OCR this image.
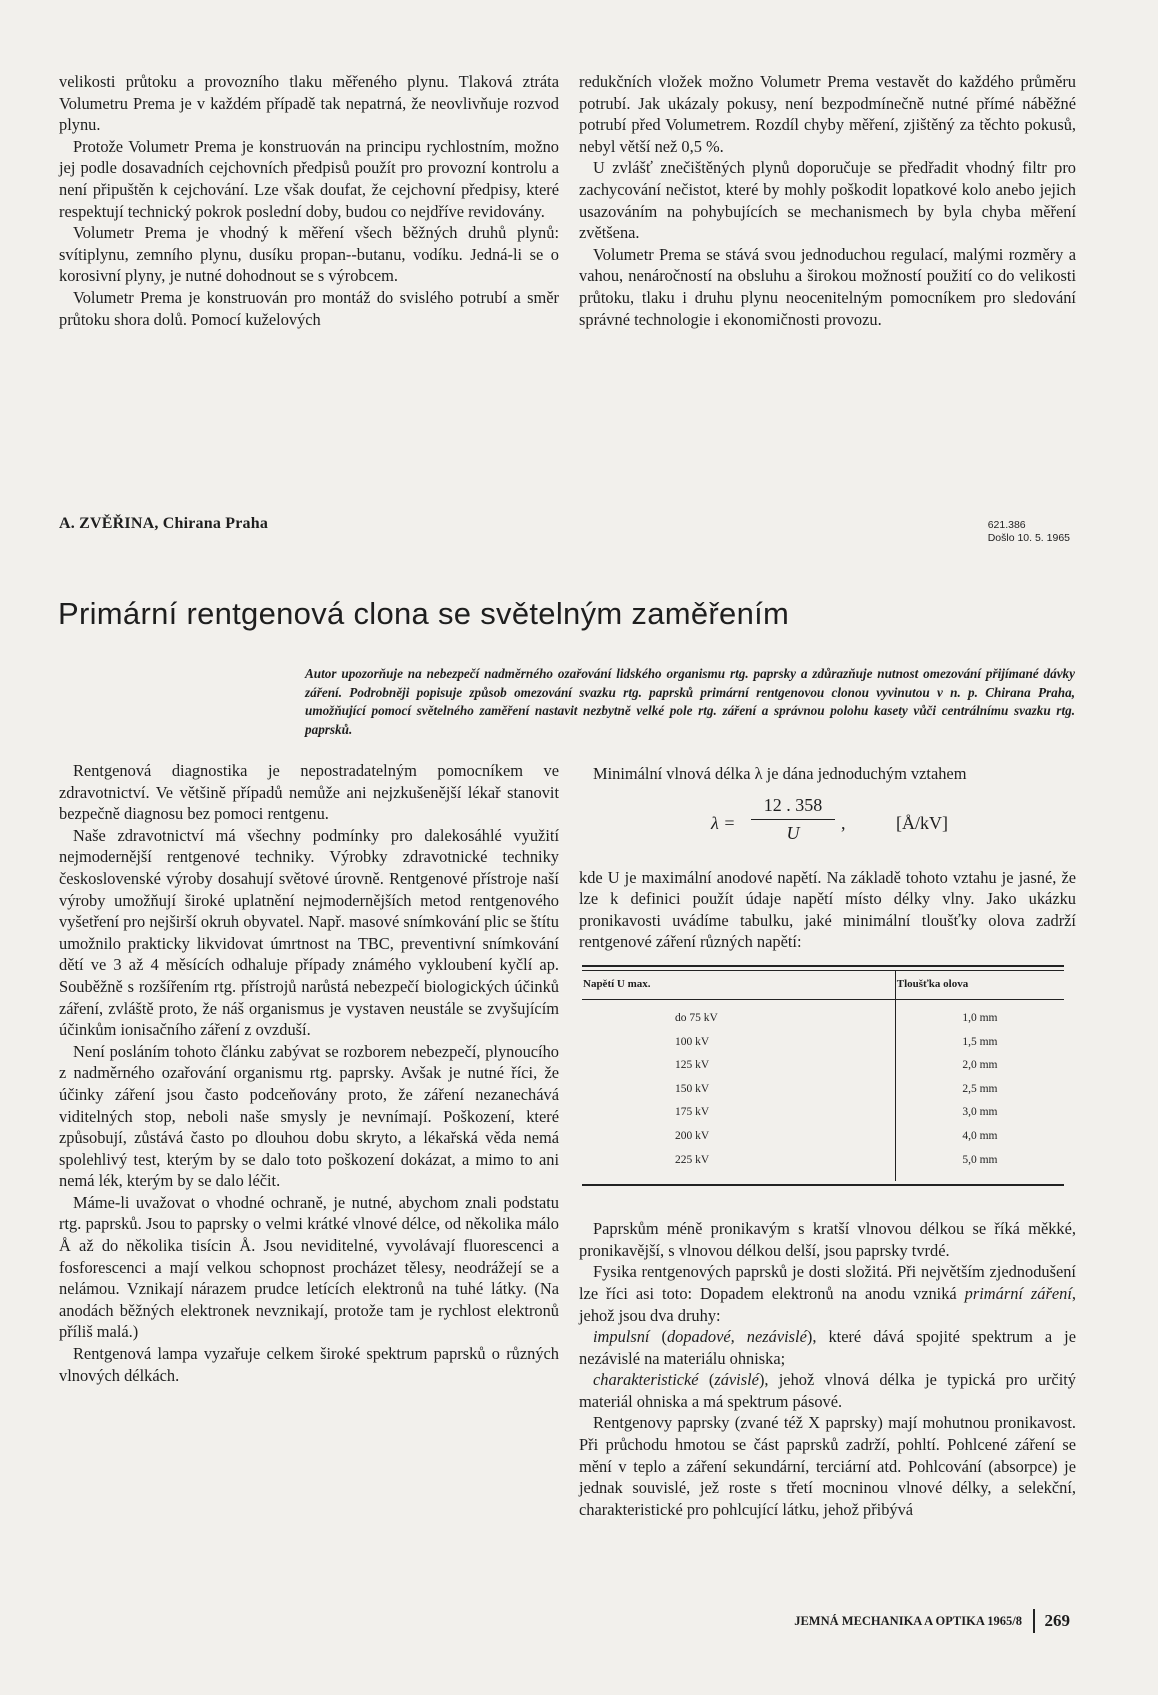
velikosti průtoku a provozního tlaku měřeného plynu. Tlaková ztráta Volumetru Prema je v každém případě tak nepatrná, že neovlivňuje rozvod plynu.

Protože Volumetr Prema je konstruován na principu rychlostním, možno jej podle dosavadních cejchovních předpisů použít pro provozní kontrolu a není připuštěn k cejchování. Lze však doufat, že cejchovní předpisy, které respektují technický pokrok poslední doby, budou co nejdříve revidovány.

Volumetr Prema je vhodný k měření všech běžných druhů plynů: svítiplynu, zemního plynu, dusíku propan--butanu, vodíku. Jedná-li se o korosivní plyny, je nutné dohodnout se s výrobcem.

Volumetr Prema je konstruován pro montáž do svislého potrubí a směr průtoku shora dolů. Pomocí kuželových

redukčních vložek možno Volumetr Prema vestavět do každého průměru potrubí. Jak ukázaly pokusy, není bezpodmínečně nutné přímé náběžné potrubí před Volumetrem. Rozdíl chyby měření, zjištěný za těchto pokusů, nebyl větší než 0,5 %.

U zvlášť znečištěných plynů doporučuje se předřadit vhodný filtr pro zachycování nečistot, které by mohly poškodit lopatkové kolo anebo jejich usazováním na pohybujících se mechanismech by byla chyba měření zvětšena.

Volumetr Prema se stává svou jednoduchou regulací, malými rozměry a vahou, nenáročností na obsluhu a širokou možností použití co do velikosti průtoku, tlaku i druhu plynu neocenitelným pomocníkem pro sledování správné technologie i ekonomičnosti provozu.

A. ZVĚŘINA, Chirana Praha	621.386
Došlo 10. 5. 1965
Primární rentgenová clona se světelným zaměřením
Autor upozorňuje na nebezpečí nadměrného ozařování lidského organismu rtg. paprsky a zdůrazňuje nutnost omezování přijímané dávky záření. Podrobněji popisuje způsob omezování svazku rtg. paprsků primární rentgenovou clonou vyvinutou v n. p. Chirana Praha, umožňující pomocí světelného zaměření nastavit nezbytně velké pole rtg. záření a správnou polohu kasety vůči centrálnímu svazku rtg. paprsků.

Rentgenová diagnostika je nepostradatelným pomocníkem ve zdravotnictví. Ve většině případů nemůže ani nejzkušenější lékař stanovit bezpečně diagnosu bez pomoci rentgenu.

Naše zdravotnictví má všechny podmínky pro dalekosáhlé využití nejmodernější rentgenové techniky. Výrobky zdravotnické techniky československé výroby dosahují světové úrovně. Rentgenové přístroje naší výroby umožňují široké uplatnění nejmodernějších metod rentgenového vyšetření pro nejširší okruh obyvatel. Např. masové snímkování plic se štítu umožnilo prakticky likvidovat úmrtnost na TBC, preventivní snímkování dětí ve 3 až 4 měsících odhaluje případy známého vykloubení kyčlí ap. Souběžně s rozšířením rtg. přístrojů narůstá nebezpečí biologických účinků záření, zvláště proto, že náš organismus je vystaven neustále se zvyšujícím účinkům ionisačního záření z ovzduší.

Není posláním tohoto článku zabývat se rozborem nebezpečí, plynoucího z nadměrného ozařování organismu rtg. paprsky. Avšak je nutné říci, že účinky záření jsou často podceňovány proto, že záření nezanechává viditelných stop, neboli naše smysly je nevnímají. Poškození, které způsobují, zůstává často po dlouhou dobu skryto, a lékařská věda nemá spolehlivý test, kterým by se dalo toto poškození dokázat, a mimo to ani nemá lék, kterým by se dalo léčit.

Máme-li uvažovat o vhodné ochraně, je nutné, abychom znali podstatu rtg. paprsků. Jsou to paprsky o velmi krátké vlnové délce, od několika málo Å až do několika tisícin Å. Jsou neviditelné, vyvolávají fluorescenci a fosforescenci a mají velkou schopnost procházet tělesy, neodrážejí se a nelámou. Vznikají nárazem prudce letících elektronů na tuhé látky. (Na anodách běžných elektronek nevznikají, protože tam je rychlost elektronů příliš malá.)

Rentgenová lampa vyzařuje celkem široké spektrum paprsků o různých vlnových délkách.

Minimální vlnová délka λ je dána jednoduchým vztahem

$\lambda = \frac{12 . 358}{U}$ ,	[Å/kV]

kde U je maximální anodové napětí. Na základě tohoto vztahu je jasné, že lze k definici použít údaje napětí místo délky vlny. Jako ukázku pronikavosti uvádíme tabulku, jaké minimální tloušťky olova zadrží rentgenové záření různých napětí:

Napětí U max.	Tloušťka olova
do 75 kV	1,0 mm
100 kV	1,5 mm
125 kV	2,0 mm
150 kV	2,5 mm
175 kV	3,0 mm
200 kV	4,0 mm
225 kV	5,0 mm

Paprskům méně pronikavým s kratší vlnovou délkou se říká měkké, pronikavější, s vlnovou délkou delší, jsou paprsky tvrdé.

Fysika rentgenových paprsků je dosti složitá. Při největším zjednodušení lze říci asi toto: Dopadem elektronů na anodu vzniká primární záření, jehož jsou dva druhy:

impulsní (dopadové, nezávislé), které dává spojité spektrum a je nezávislé na materiálu ohniska;

charakteristické (závislé), jehož vlnová délka je typická pro určitý materiál ohniska a má spektrum pásové.

Rentgenovy paprsky (zvané též X paprsky) mají mohutnou pronikavost. Při průchodu hmotou se část paprsků zadrží, pohltí. Pohlcené záření se mění v teplo a záření sekundární, terciární atd. Pohlcování (absorpce) je jednak souvislé, jež roste s třetí mocninou vlnové délky, a selekční, charakteristické pro pohlcující látku, jehož přibývá

JEMNÁ MECHANIKA A OPTIKA 1965/8 269
